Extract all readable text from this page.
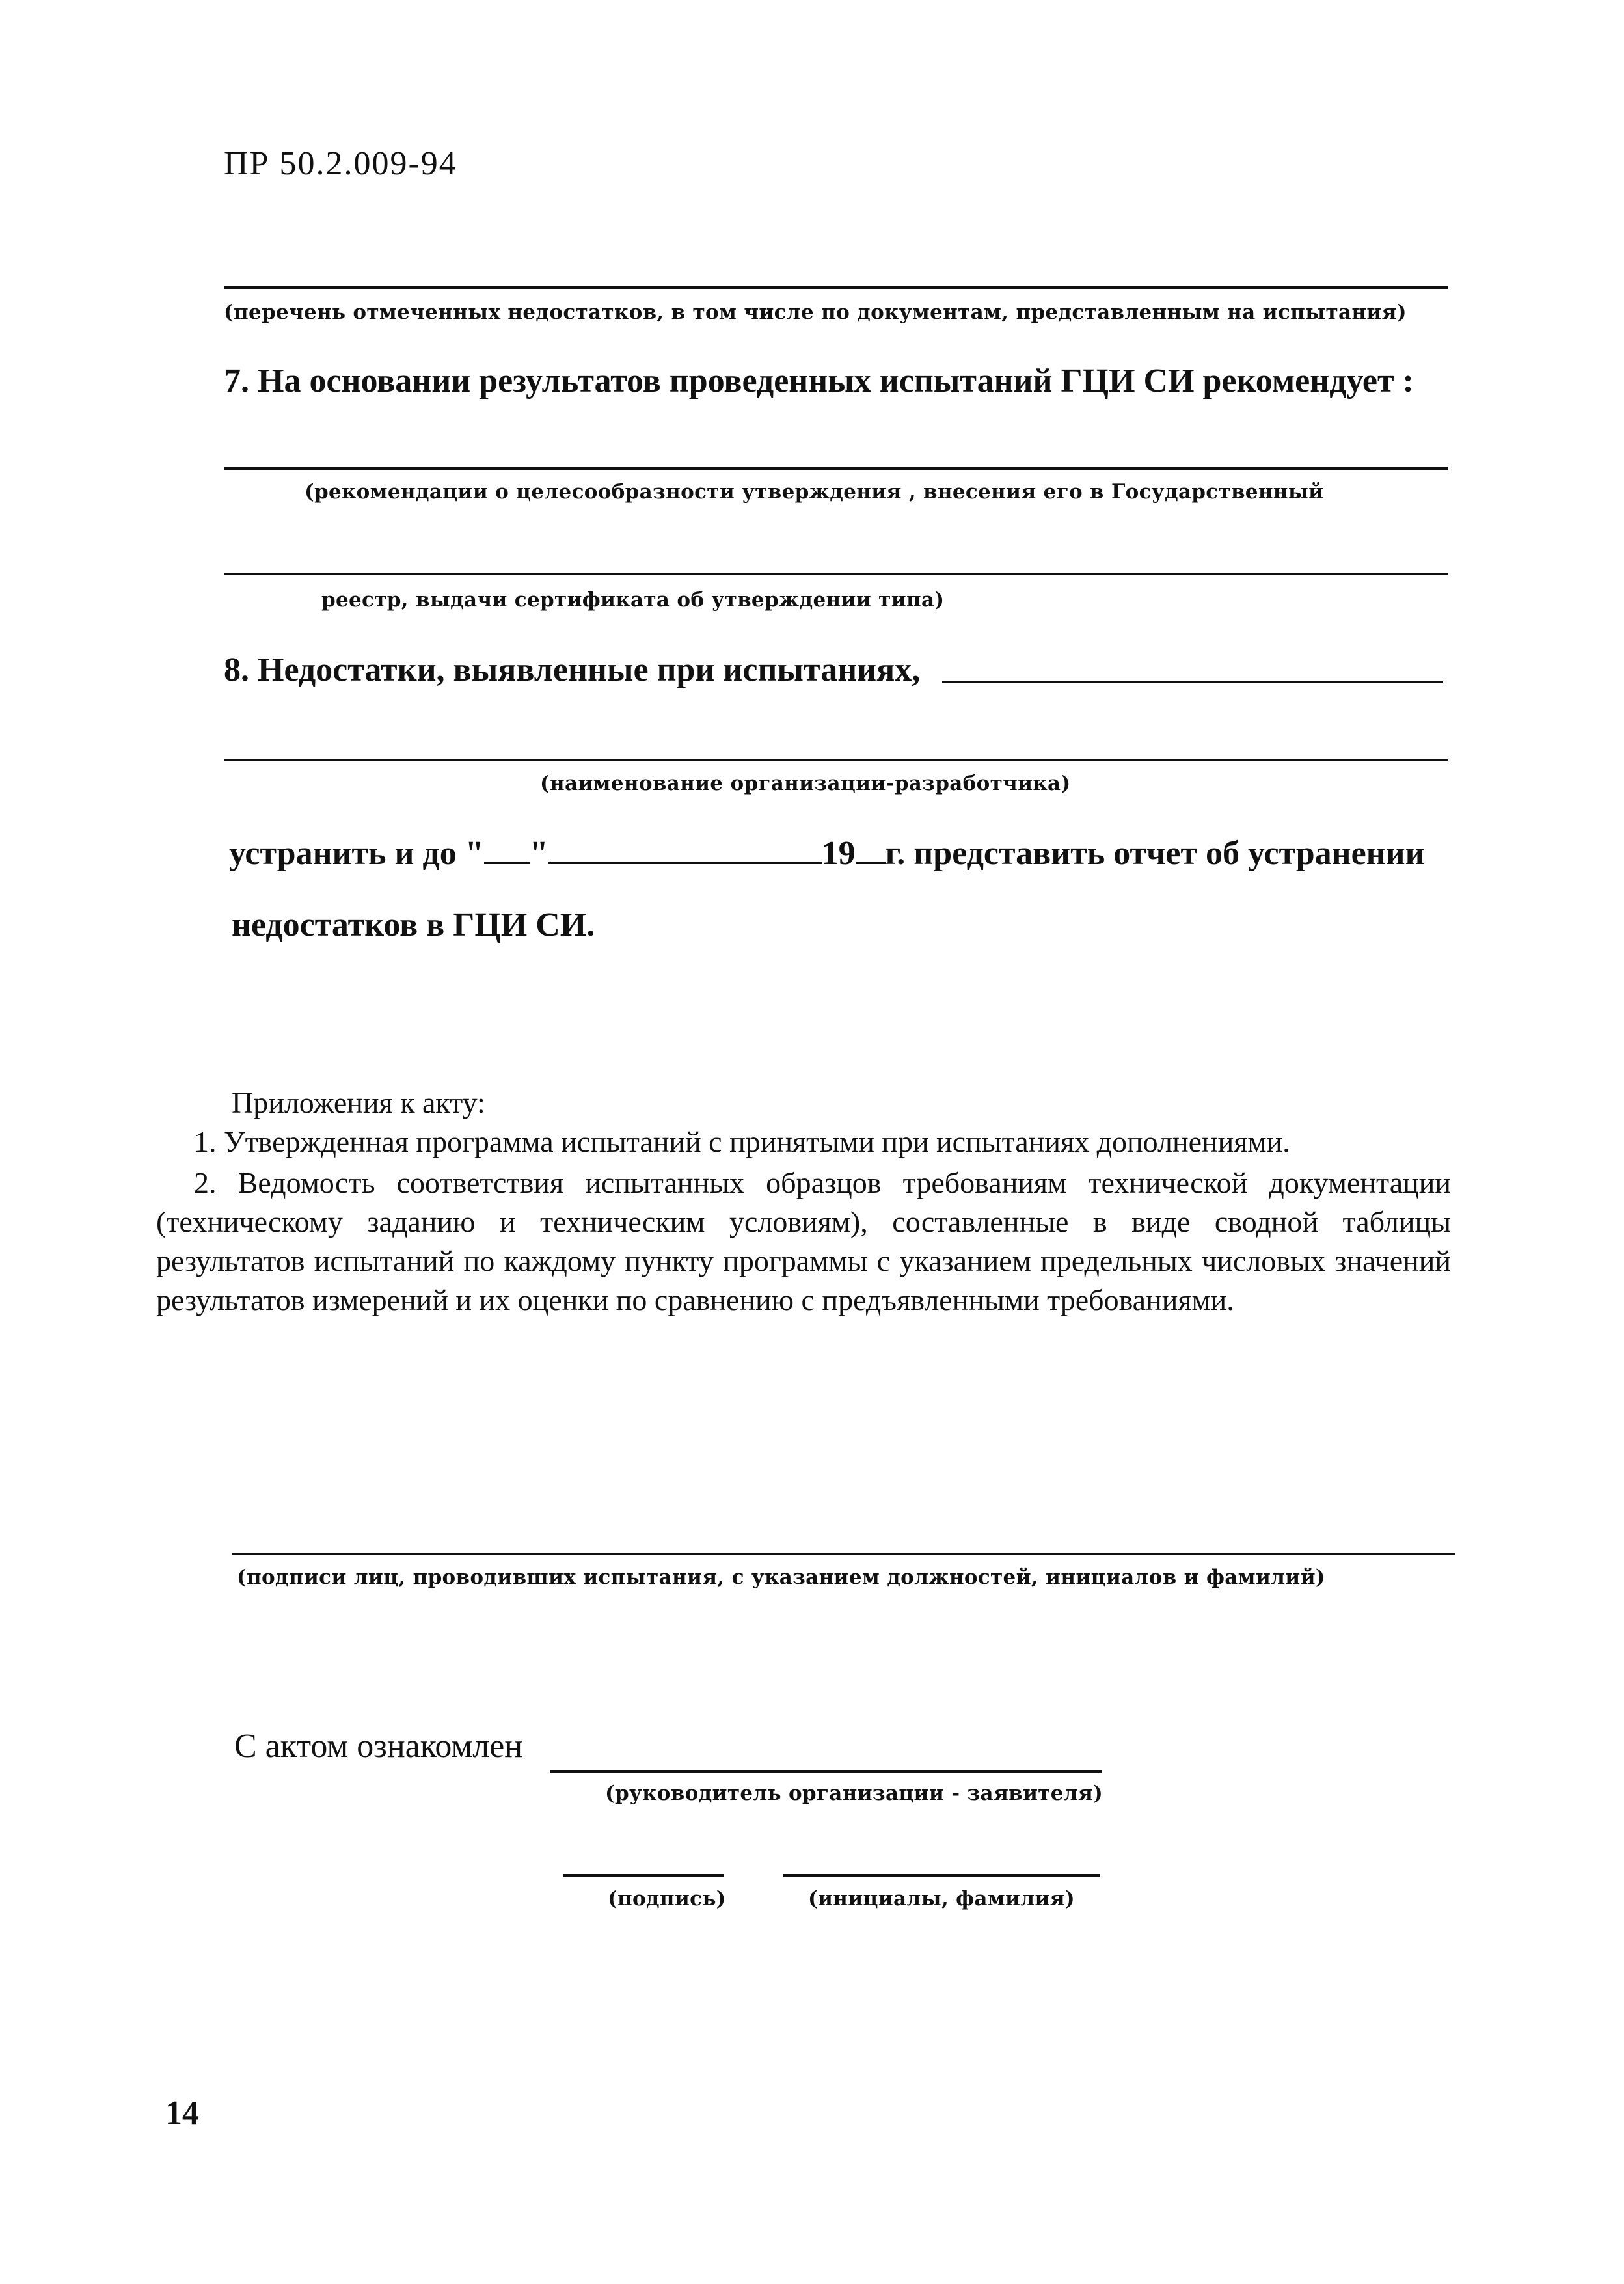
ПР 50.2.009-94
(перечень отмеченных недостатков, в том числе по документам, представленным на испытания)
7. На основании результатов проведенных испытаний ГЦИ СИ рекомендует :
(рекомендации о целесообразности утверждения , внесения его в Государственный
реестр, выдачи сертификата об утверждении типа)
8. Недостатки, выявленные при испытаниях,
(наименование организации-разработчика)
устранить и до " "	19 г. представить отчет об устранении
недостатков в ГЦИ СИ.
Приложения к акту:
1. Утвержденная программа испытаний с принятыми при испытаниях дополнениями.
2. Ведомость соответствия испытанных образцов требованиям технической документации (техническому заданию и техническим условиям), составленные в виде сводной таблицы результатов испытаний по каждому пункту программы с указанием предельных числовых значений результатов измерений и их оценки по сравнению с предъявленными требованиями.
(подписи лиц, проводивших испытания, с указанием должностей, инициалов и фамилий)
С актом ознакомлен
(руководитель организации - заявителя)
(подпись)	(инициалы, фамилия)
14
